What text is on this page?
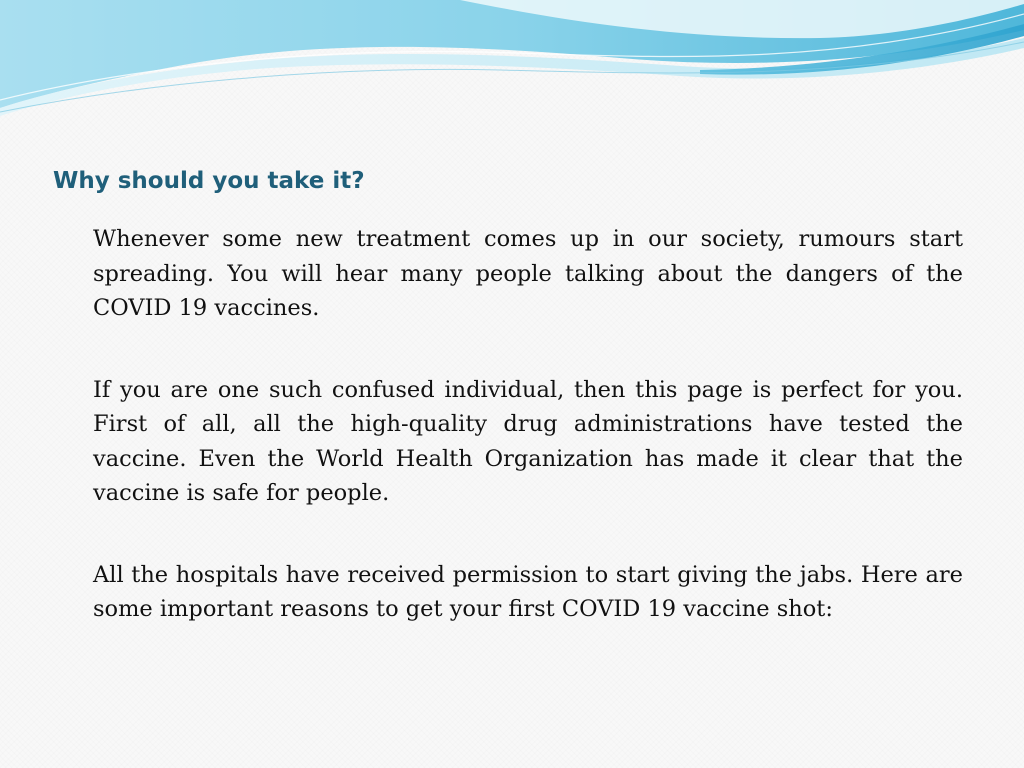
Why should you take it?

Whenever some new treatment comes up in our society, rumours start spreading. You will hear many people talking about the dangers of the COVID 19 vaccines.

If you are one such confused individual, then this page is perfect for you. First of all, all the high-quality drug administrations have tested the vaccine. Even the World Health Organization has made it clear that the vaccine is safe for people.

All the hospitals have received permission to start giving the jabs. Here are some important reasons to get your first COVID 19 vaccine shot:
